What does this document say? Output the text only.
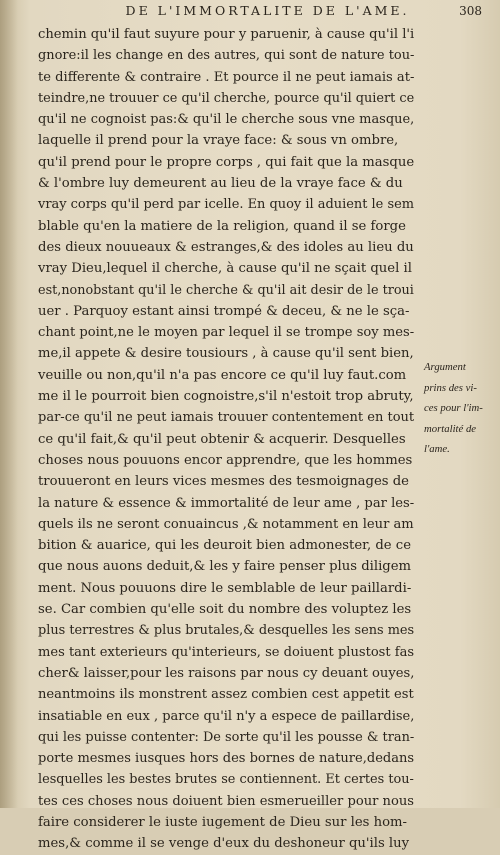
DE L'IMMORTALITE DE L'AME.	308
chemin qu'il faut suyure pour y paruenir, à cause qu'il l'i
gnore:il les change en des autres, qui sont de nature tou-
te differente & contraire . Et pource il ne peut iamais at-
teindre,ne trouuer ce qu'il cherche, pource qu'il quiert ce
qu'il ne cognoist pas:& qu'il le cherche sous vne masque,
laquelle il prend pour la vraye face: & sous vn ombre,
qu'il prend pour le propre corps , qui fait que la masque
& l'ombre luy demeurent au lieu de la vraye face & du
vray corps qu'il perd par icelle. En quoy il aduient le sem
blable qu'en la matiere de la religion, quand il se forge
des dieux nouueaux & estranges,& des idoles au lieu du
vray Dieu,lequel il cherche, à cause qu'il ne sçait quel il
est,nonobstant qu'il le cherche & qu'il ait desir de le troui
uer . Parquoy estant ainsi trompé & deceu, & ne le sça-
chant point,ne le moyen par lequel il se trompe soy mes-
me,il appete & desire tousiours , à cause qu'il sent bien,
veuille ou non,qu'il n'a pas encore ce qu'il luy faut.com
me il le pourroit bien cognoistre,s'il n'estoit trop abruty,
par-ce qu'il ne peut iamais trouuer contentement en tout
ce qu'il fait,& qu'il peut obtenir & acquerir. Desquelles
choses nous pouuons encor apprendre, que les hommes
trouueront en leurs vices mesmes des tesmoignages de
la nature & essence & immortalité de leur ame , par les-
quels ils ne seront conuaincus ,& notamment en leur am
bition & auarice, qui les deuroit bien admonester, de ce
que nous auons deduit,& les y faire penser plus diligem
ment. Nous pouuons dire le semblable de leur paillardi-
se. Car combien qu'elle soit du nombre des voluptez les
plus terrestres & plus brutales,& desquelles les sens mes
mes tant exterieurs qu'interieurs, se doiuent plustost fas
cher& laisser,pour les raisons par nous cy deuant ouyes,
neantmoins ils monstrent assez combien cest appetit est
insatiable en eux , parce qu'il n'y a espece de paillardise,
qui les puisse contenter: De sorte qu'il les pousse & tran-
porte mesmes iusques hors des bornes de nature,dedans
lesquelles les bestes brutes se contiennent. Et certes tou-
tes ces choses nous doiuent bien esmerueiller pour nous
faire considerer le iuste iugement de Dieu sur les hom-
mes,& comme il se venge d'eux du deshoneur qu'ils luy
Argument
prins des vi-
ces pour l'im-
mortalité de
l'ame.
